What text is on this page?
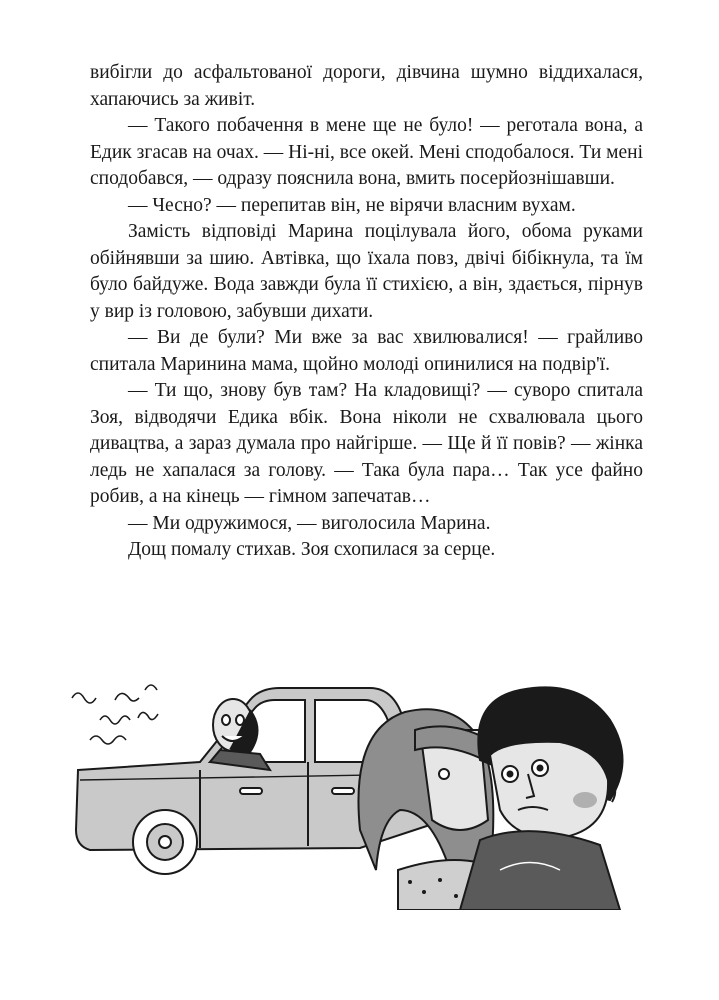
вибігли до асфальтованої дороги, дівчина шумно віддихалася, хапаючись за живіт.

— Такого побачення в мене ще не було! — реготала вона, а Едик згасав на очах. — Ні-ні, все окей. Мені сподобалося. Ти мені сподобався, — одразу пояснила вона, вмить посерйознішавши.

— Чесно? — перепитав він, не вірячи власним вухам.

Замість відповіді Марина поцілувала його, обома руками обійнявши за шию. Автівка, що їхала повз, двічі бібікнула, та їм було байдуже. Вода завжди була її стихією, а він, здається, пірнув у вир із головою, забувши дихати.

— Ви де були? Ми вже за вас хвилювалися! — грайливо спитала Маринина мама, щойно молоді опинилися на подвір'ї.

— Ти що, знову був там? На кладовищі? — суворо спитала Зоя, відводячи Едика вбік. Вона ніколи не схвалювала цього дивацтва, а зараз думала про найгірше. — Ще й її повів? — жінка ледь не хапалася за голову. — Така була пара… Так усе файно робив, а на кінець — гімном запечатав…

— Ми одружимося, — виголосила Марина.

Дощ помалу стихав. Зоя схопилася за серце.
